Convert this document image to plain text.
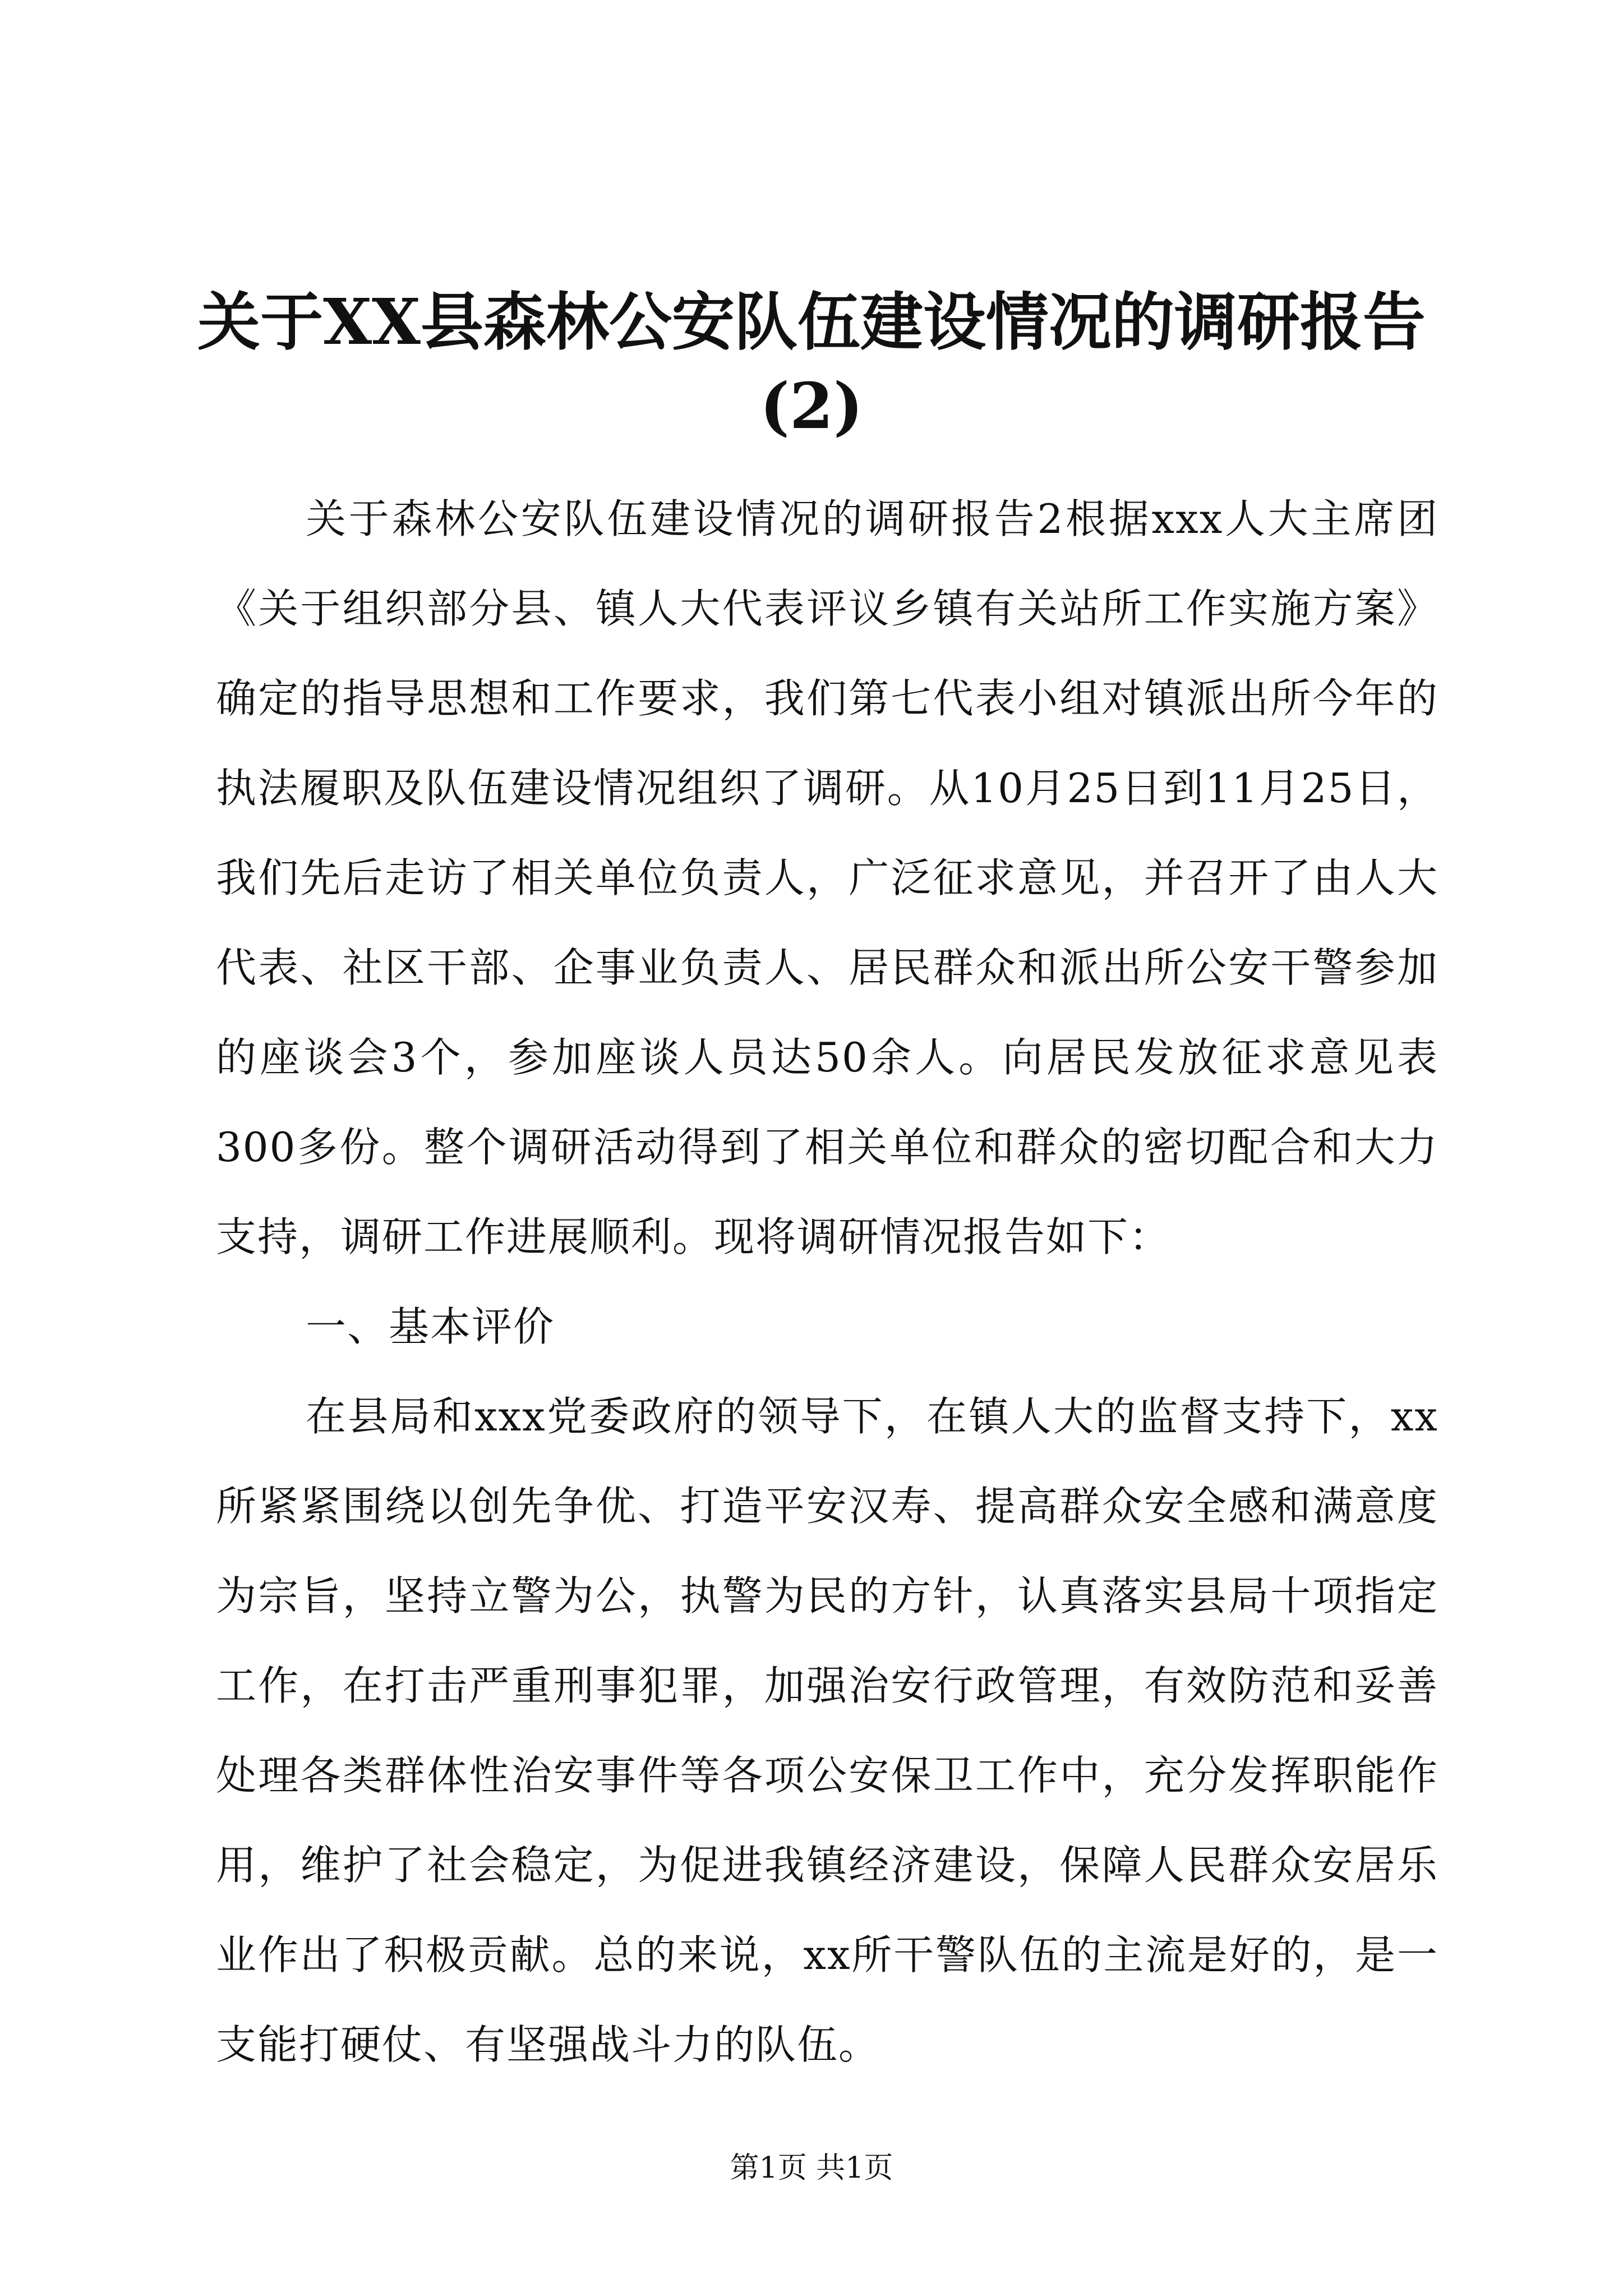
关于XX县森林公安队伍建设情况的调研报告(2)

关于森林公安队伍建设情况的调研报告2根据xxx人大主席团《关于组织部分县、镇人大代表评议乡镇有关站所工作实施方案》确定的指导思想和工作要求，我们第七代表小组对镇派出所今年的执法履职及队伍建设情况组织了调研。从10月25日到11月25日，我们先后走访了相关单位负责人，广泛征求意见，并召开了由人大代表、社区干部、企事业负责人、居民群众和派出所公安干警参加的座谈会3个，参加座谈人员达50余人。向居民发放征求意见表300多份。整个调研活动得到了相关单位和群众的密切配合和大力支持，调研工作进展顺利。现将调研情况报告如下：

一、基本评价

在县局和xxx党委政府的领导下，在镇人大的监督支持下，xx所紧紧围绕以创先争优、打造平安汉寿、提高群众安全感和满意度为宗旨，坚持立警为公，执警为民的方针，认真落实县局十项指定工作，在打击严重刑事犯罪，加强治安行政管理，有效防范和妥善处理各类群体性治安事件等各项公安保卫工作中，充分发挥职能作用，维护了社会稳定，为促进我镇经济建设，保障人民群众安居乐业作出了积极贡献。总的来说，xx所干警队伍的主流是好的，是一支能打硬仗、有坚强战斗力的队伍。

第1页 共1页
